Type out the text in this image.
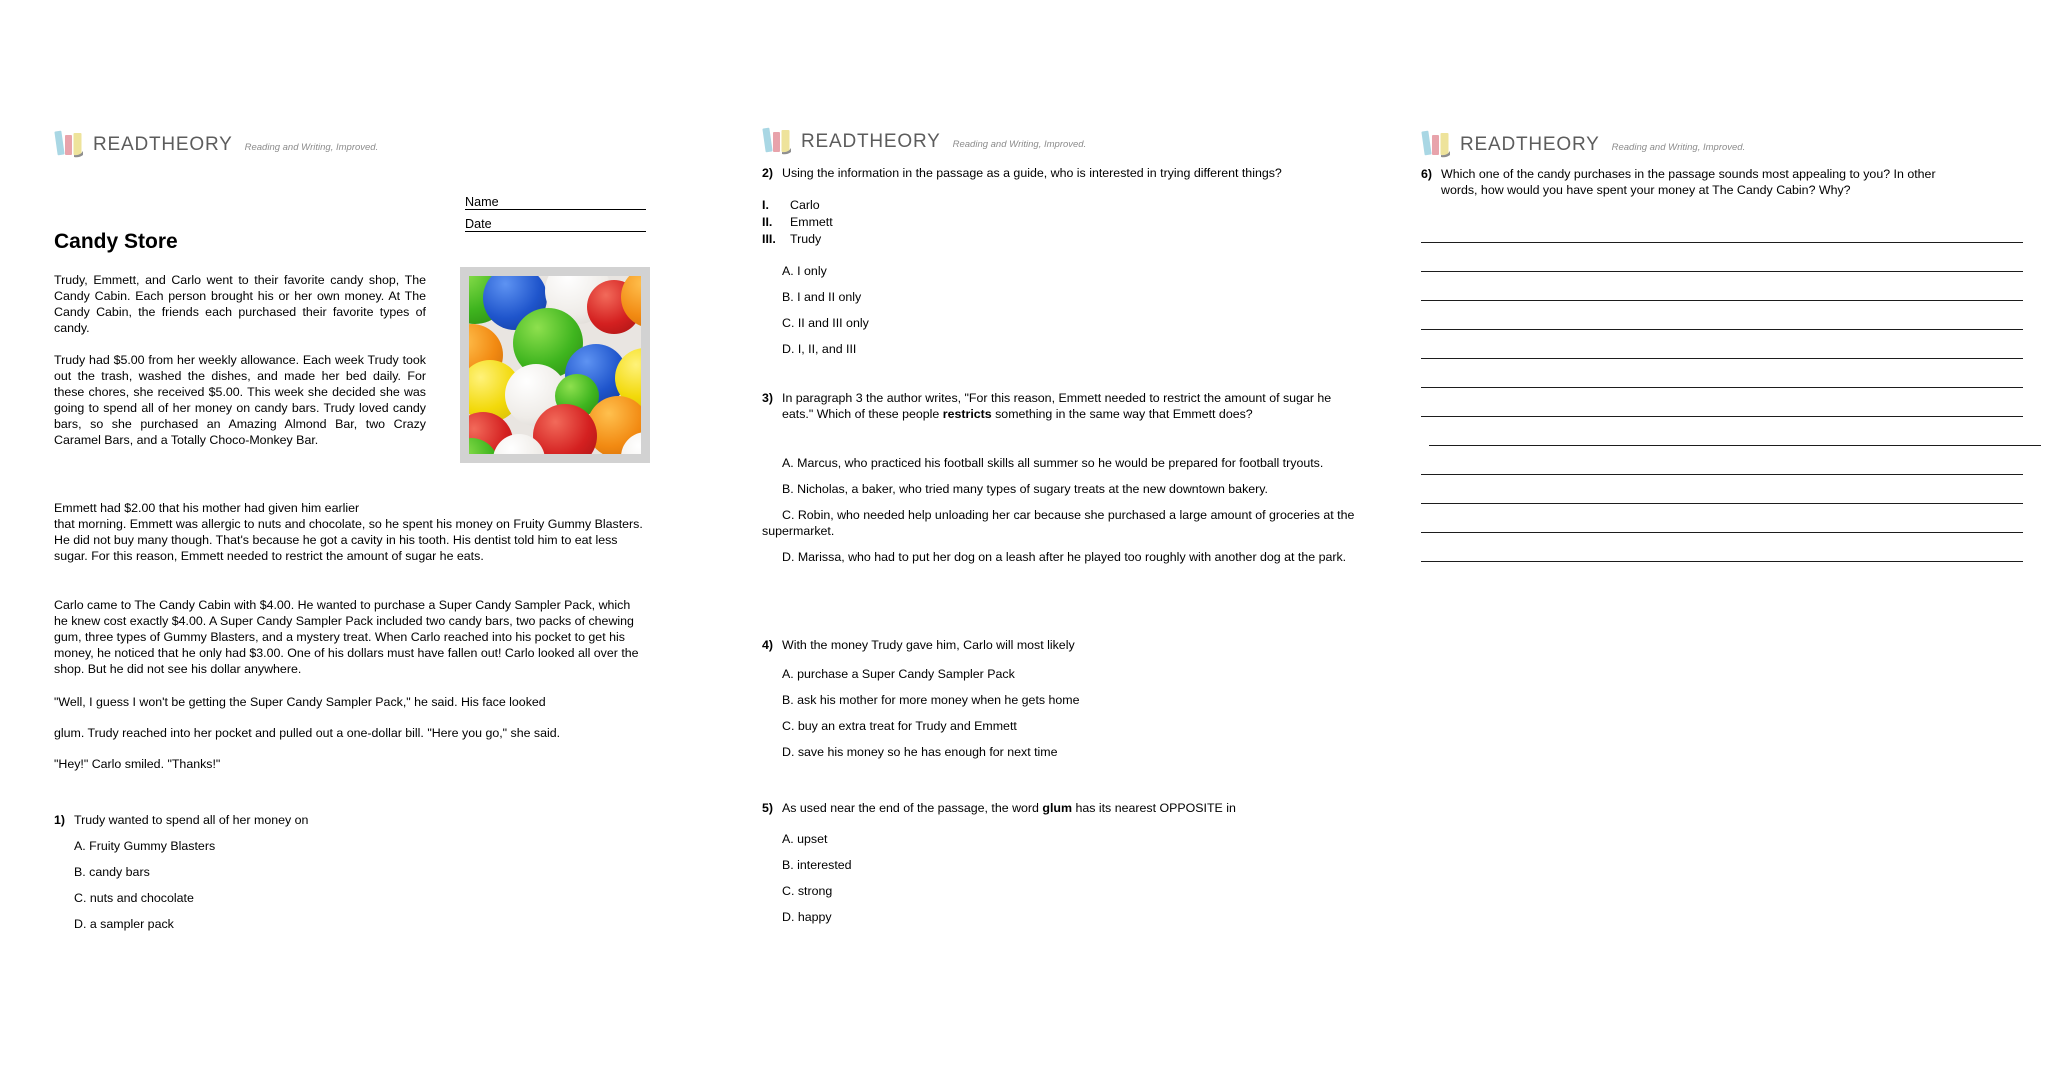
READTHEORY Reading and Writing, Improved.
Name
Date
Candy Store
Trudy, Emmett, and Carlo went to their favorite candy shop, The Candy Cabin. Each person brought his or her own money. At The Candy Cabin, the friends each purchased their favorite types of candy.
Trudy had $5.00 from her weekly allowance. Each week Trudy took out the trash, washed the dishes, and made her bed daily. For these chores, she received $5.00. This week she decided she was going to spend all of her money on candy bars. Trudy loved candy bars, so she purchased an Amazing Almond Bar, two Crazy Caramel Bars, and a Totally Choco-Monkey Bar.
Emmett had $2.00 that his mother had given him earlier
that morning. Emmett was allergic to nuts and chocolate, so he spent his money on Fruity Gummy Blasters. He did not buy many though. That's because he got a cavity in his tooth. His dentist told him to eat less sugar. For this reason, Emmett needed to restrict the amount of sugar he eats.
Carlo came to The Candy Cabin with $4.00. He wanted to purchase a Super Candy Sampler Pack, which he knew cost exactly $4.00. A Super Candy Sampler Pack included two candy bars, two packs of chewing gum, three types of Gummy Blasters, and a mystery treat. When Carlo reached into his pocket to get his money, he noticed that he only had $3.00. One of his dollars must have fallen out! Carlo looked all over the shop. But he did not see his dollar anywhere.

"Well, I guess I won't be getting the Super Candy Sampler Pack," he said. His face looked

glum. Trudy reached into her pocket and pulled out a one-dollar bill. "Here you go," she said.

"Hey!" Carlo smiled. "Thanks!"

1) Trudy wanted to spend all of her money on

A. Fruity Gummy Blasters

B. candy bars

C. nuts and chocolate

D. a sampler pack

READTHEORY Reading and Writing, Improved.
2) Using the information in the passage as a guide, who is interested in trying different things?
I.	Carlo
II.	Emmett
III.	Trudy

A. I only

B. I and II only

C. II and III only

D. I, II, and III

3) In paragraph 3 the author writes, "For this reason, Emmett needed to restrict the amount of sugar he eats." Which of these people restricts something in the same way that Emmett does?

A. Marcus, who practiced his football skills all summer so he would be prepared for football tryouts.

B. Nicholas, a baker, who tried many types of sugary treats at the new downtown bakery.

C. Robin, who needed help unloading her car because she purchased a large amount of groceries at the supermarket.

D. Marissa, who had to put her dog on a leash after he played too roughly with another dog at the park.

4) With the money Trudy gave him, Carlo will most likely

A. purchase a Super Candy Sampler Pack

B. ask his mother for more money when he gets home

C. buy an extra treat for Trudy and Emmett

D. save his money so he has enough for next time

5) As used near the end of the passage, the word glum has its nearest OPPOSITE in

A. upset

B. interested

C. strong

D. happy

READTHEORY Reading and Writing, Improved.
6) Which one of the candy purchases in the passage sounds most appealing to you? In other words, how would you have spent your money at The Candy Cabin? Why?
